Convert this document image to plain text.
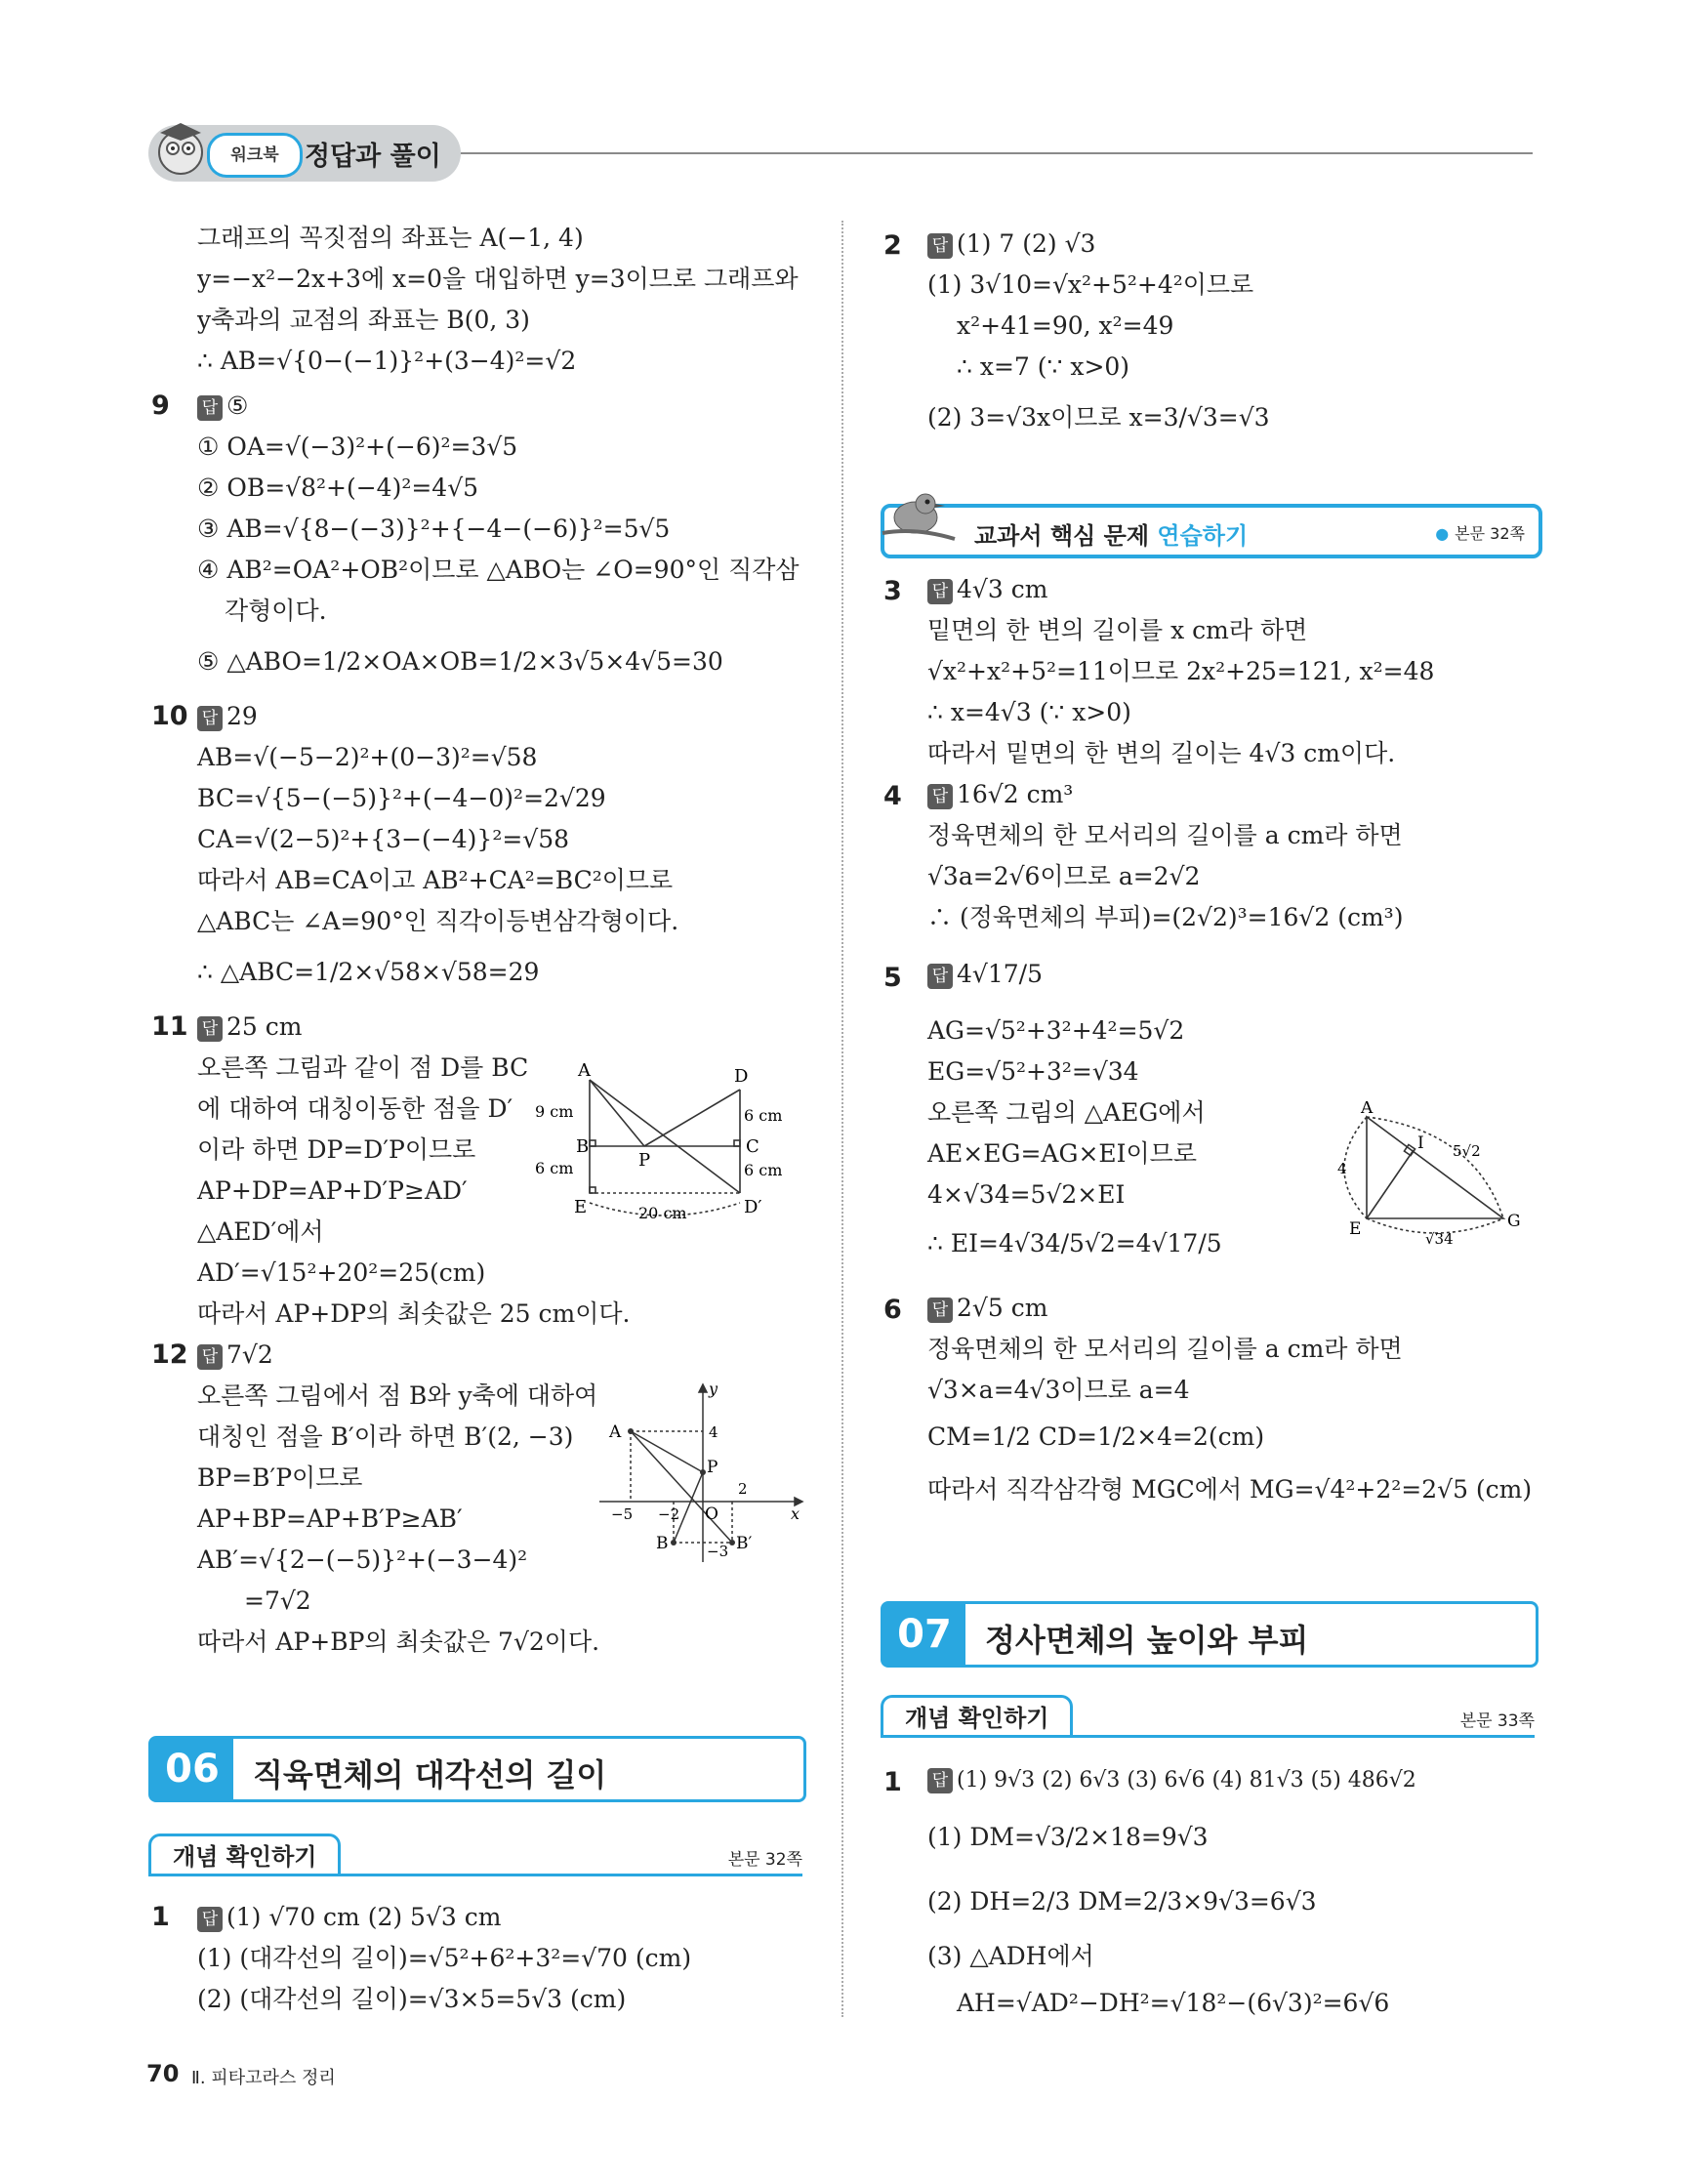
워크북 정답과 풀이
그래프의 꼭짓점의 좌표는 A(−1, 4)
y=−x²−2x+3에 x=0을 대입하면 y=3이므로 그래프와
y축과의 교점의 좌표는 B(0, 3)
∴ AB=√{0−(−1)}²+(3−4)²=√2
9 답 ⑤
① OA=√(−3)²+(−6)²=3√5
② OB=√8²+(−4)²=4√5
③ AB=√{8−(−3)}²+{−4−(−6)}²=5√5
④ AB²=OA²+OB²이므로 △ABO는 ∠O=90°인 직각삼
각형이다.
⑤ △ABO=1/2×OA×OB=1/2×3√5×4√5=30
10 답 29
AB=√(−5−2)²+(0−3)²=√58
BC=√{5−(−5)}²+(−4−0)²=2√29
CA=√(2−5)²+{3−(−4)}²=√58
따라서 AB=CA이고 AB²+CA²=BC²이므로
△ABC는 ∠A=90°인 직각이등변삼각형이다.
∴ △ABC=1/2×√58×√58=29
11 답 25 cm
오른쪽 그림과 같이 점 D를 BC
에 대하여 대칭이동한 점을 D′
이라 하면 DP=D′P이므로
AP+DP=AP+D′P≥AD′
△AED′에서
AD′=√15²+20²=25(cm)
따라서 AP+DP의 최솟값은 25 cm이다.
A
9 cm
B
6 cm
E
P
D
6 cm
C
6 cm
D′
20 cm
12 답 7√2
오른쪽 그림에서 점 B와 y축에 대하여
대칭인 점을 B′이라 하면 B′(2, −3)
BP=B′P이므로
AP+BP=AP+B′P≥AB′
AB′=√{2−(−5)}²+(−3−4)²
=7√2
따라서 AP+BP의 최솟값은 7√2이다.
y
x
A	4
P
2
O
−5 −2
B	−3 B′
06	직육면체의 대각선의 길이
개념 확인하기	본문 32쪽
1 답 (1) √70 cm (2) 5√3 cm
(1) (대각선의 길이)=√5²+6²+3²=√70 (cm)
(2) (대각선의 길이)=√3×5=5√3 (cm)
2 답 (1) 7 (2) √3
(1) 3√10=√x²+5²+4²이므로
x²+41=90, x²=49
∴ x=7 (∵ x>0)
(2) 3=√3x이므로 x=3/√3=√3
교과서 핵심 문제 연습하기
●	본문 32쪽
3 답 4√3 cm
밑면의 한 변의 길이를 x cm라 하면
√x²+x²+5²=11이므로 2x²+25=121, x²=48
∴ x=4√3 (∵ x>0)
따라서 밑면의 한 변의 길이는 4√3 cm이다.
4 답 16√2 cm³
정육면체의 한 모서리의 길이를 a cm라 하면
√3a=2√6이므로 a=2√2
∴ (정육면체의 부피)=(2√2)³=16√2 (cm³)
5 답 4√17/5
AG=√5²+3²+4²=5√2
EG=√5²+3²=√34
오른쪽 그림의 △AEG에서
AE×EG=AG×EI이므로
4×√34=5√2×EI
∴ EI=4√34/5√2=4√17/5
A
I
E	G
4
5√2
√34
6 답 2√5 cm
정육면체의 한 모서리의 길이를 a cm라 하면
√3×a=4√3이므로 a=4
CM=1/2 CD=1/2×4=2(cm)
따라서 직각삼각형 MGC에서 MG=√4²+2²=2√5 (cm)
07	정사면체의 높이와 부피
개념 확인하기	본문 33쪽
1 답 (1) 9√3 (2) 6√3 (3) 6√6 (4) 81√3 (5) 486√2
(1) DM=√3/2×18=9√3
(2) DH=2/3 DM=2/3×9√3=6√3
(3) △ADH에서
AH=√AD²−DH²=√18²−(6√3)²=6√6
70 Ⅱ. 피타고라스 정리
